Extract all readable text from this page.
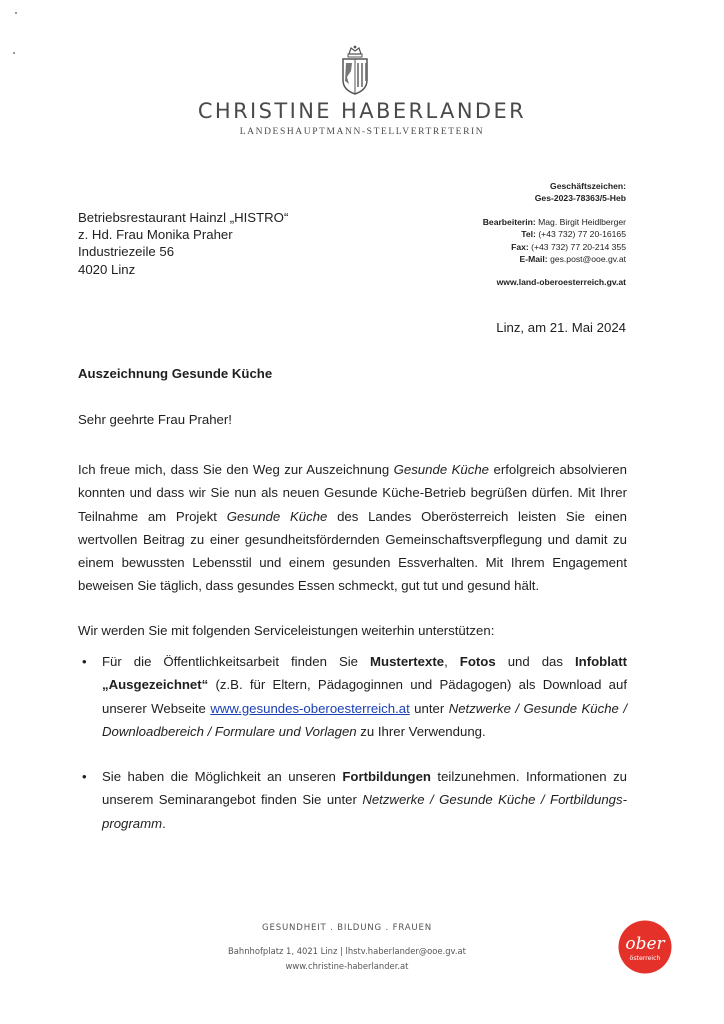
CHRISTINE HABERLANDER
LANDESHAUPTMANN-STELLVERTRETERIN
Geschäftszeichen:
Ges-2023-78363/5-Heb
Bearbeiterin: Mag. Birgit Heidlberger
Tel: (+43 732) 77 20-16165
Fax: (+43 732) 77 20-214 355
E-Mail: ges.post@ooe.gv.at
www.land-oberoesterreich.gv.at
Betriebsrestaurant Hainzl „HISTRO“
z. Hd. Frau Monika Praher
Industriezeile 56
4020 Linz
Linz, am 21. Mai 2024
Auszeichnung Gesunde Küche
Sehr geehrte Frau Praher!
Ich freue mich, dass Sie den Weg zur Auszeichnung Gesunde Küche erfolgreich absolvieren konnten und dass wir Sie nun als neuen Gesunde Küche-Betrieb begrüßen dürfen. Mit Ihrer Teilnahme am Projekt Gesunde Küche des Landes Oberösterreich leisten Sie einen wertvollen Beitrag zu einer gesundheitsfördernden Gemeinschaftsverpflegung und damit zu einem bewussten Lebensstil und einem gesunden Essverhalten. Mit Ihrem Engagement beweisen Sie täglich, dass gesundes Essen schmeckt, gut tut und gesund hält.
Wir werden Sie mit folgenden Serviceleistungen weiterhin unterstützen:
• Für die Öffentlichkeitsarbeit finden Sie Mustertexte, Fotos und das Infoblatt „Ausgezeichnet“ (z.B. für Eltern, Pädagoginnen und Pädagogen) als Download auf unserer Webseite www.gesundes-oberoesterreich.at unter Netzwerke / Gesunde Küche / Downloadbereich / Formulare und Vorlagen zu Ihrer Verwendung.
• Sie haben die Möglichkeit an unseren Fortbildungen teilzunehmen. Informationen zu unserem Seminarangebot finden Sie unter Netzwerke / Gesunde Küche / Fortbildungs-programm.
GESUNDHEIT . BILDUNG . FRAUEN
Bahnhofplatz 1, 4021 Linz | lhstv.haberlander@ooe.gv.at
www.christine-haberlander.at
ober
österreich
